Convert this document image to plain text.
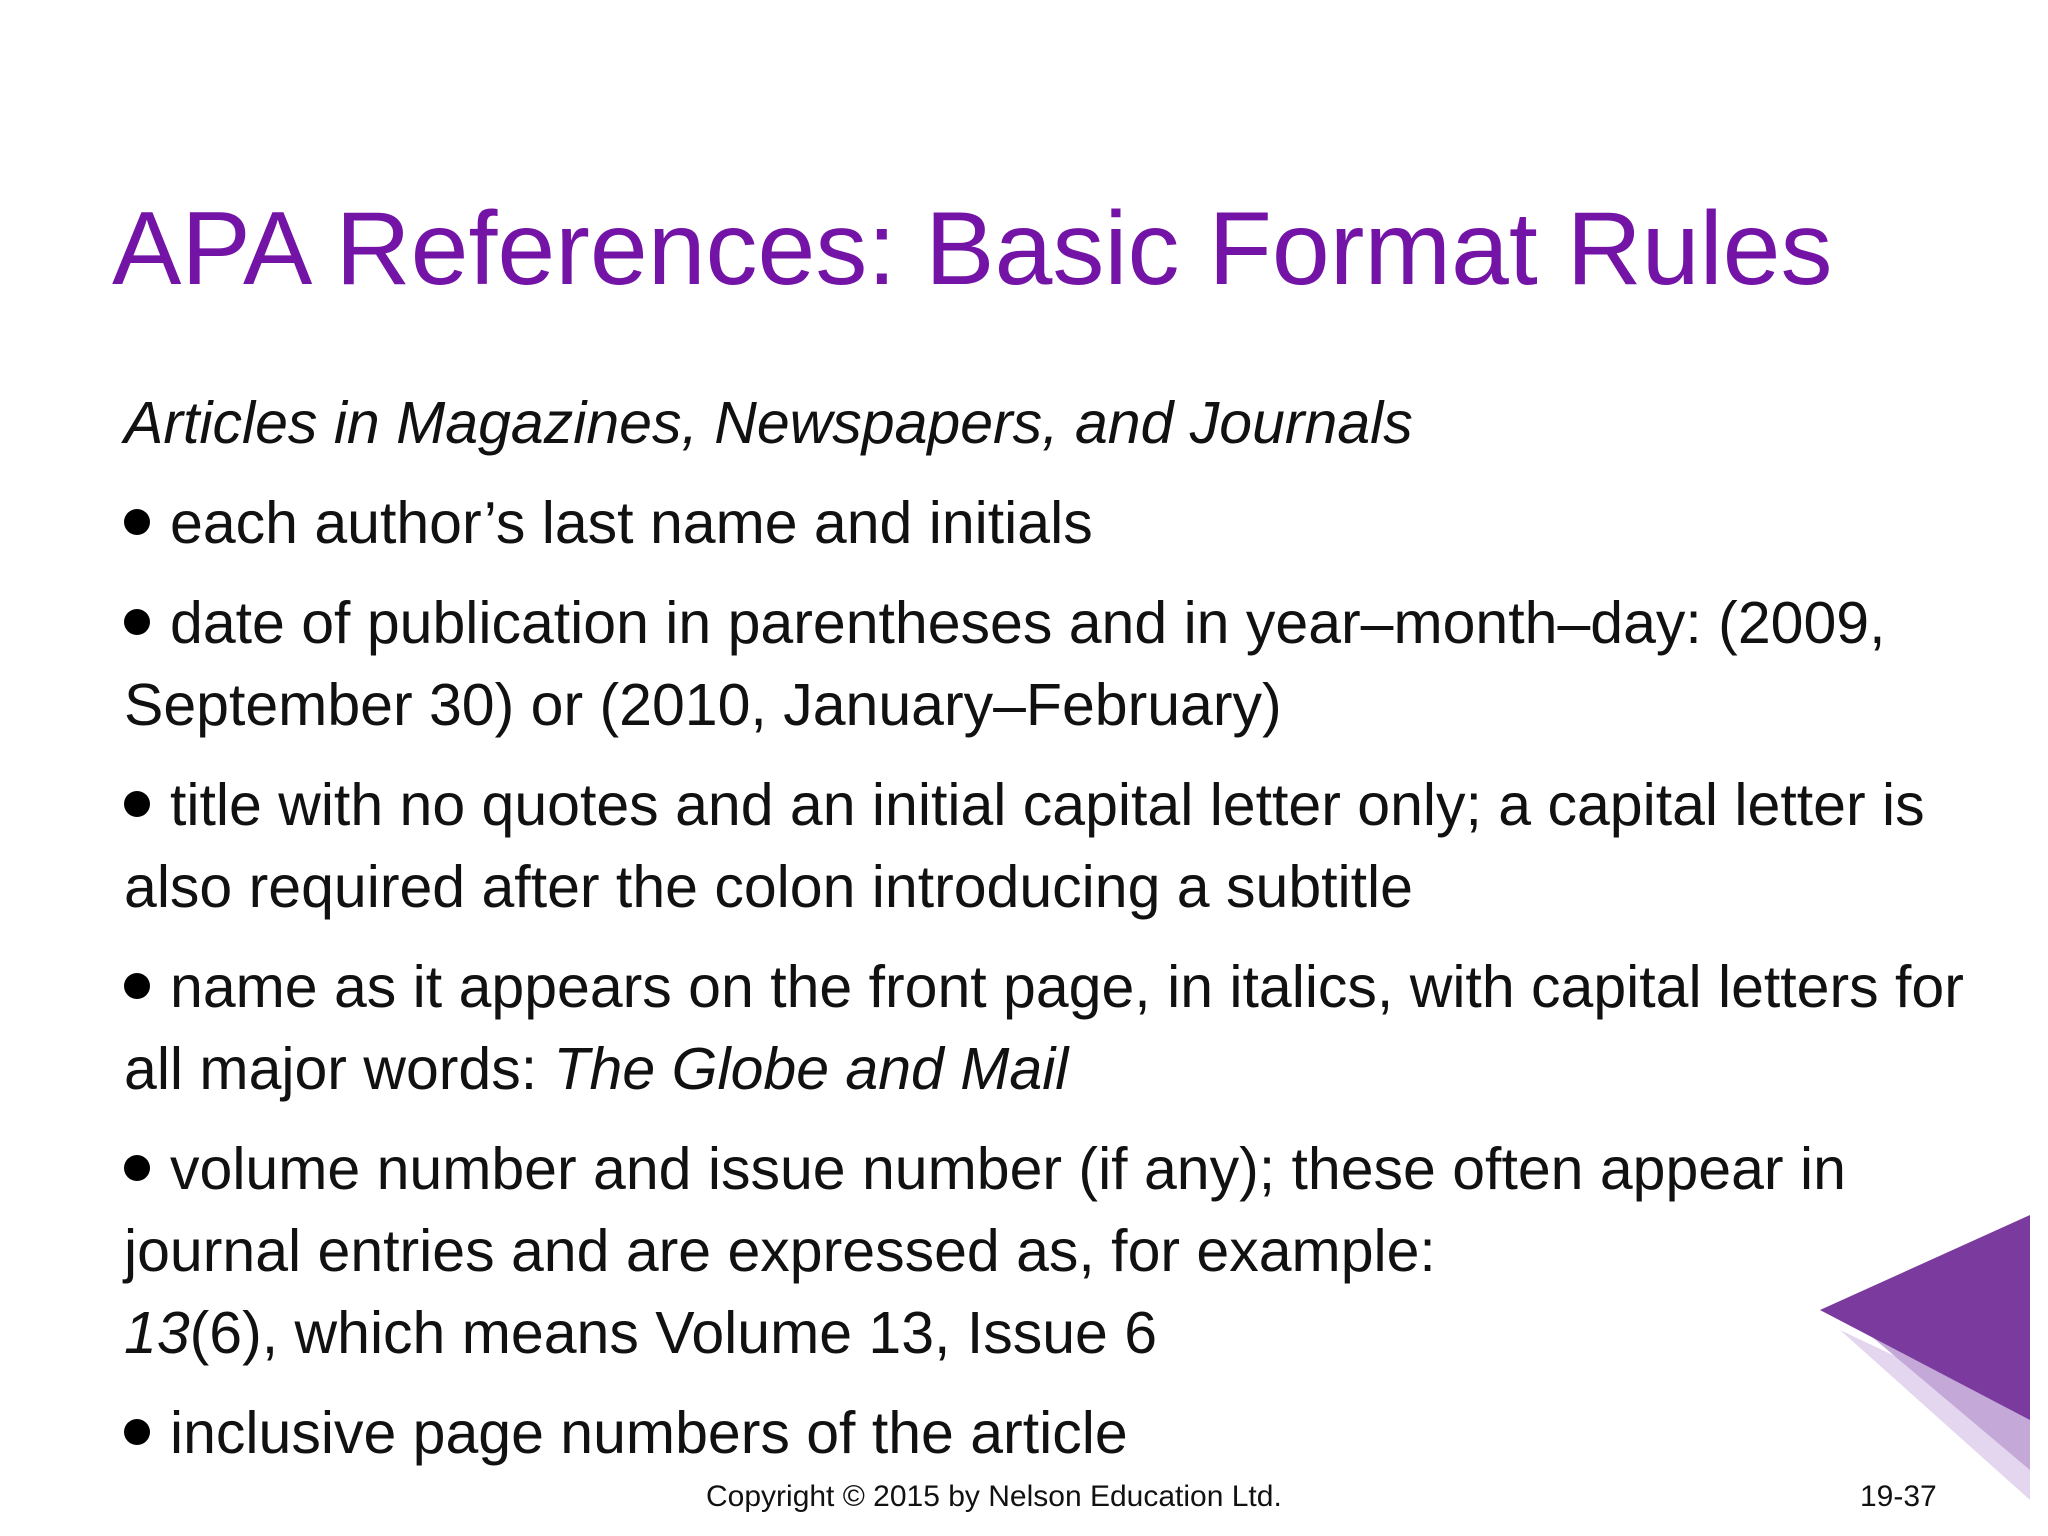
APA References: Basic Format Rules
Articles in Magazines, Newspapers, and Journals
each author’s last name and initials
date of publication in parentheses and in year–month–day: (2009, September 30) or (2010, January–February)
title with no quotes and an initial capital letter only; a capital letter is also required after the colon introducing a subtitle
name as it appears on the front page, in italics, with capital letters for all major words: The Globe and Mail
volume number and issue number (if any); these often appear in journal entries and are expressed as, for example:
13(6), which means Volume 13, Issue 6
inclusive page numbers of the article
Copyright © 2015 by Nelson Education Ltd.	19-37
